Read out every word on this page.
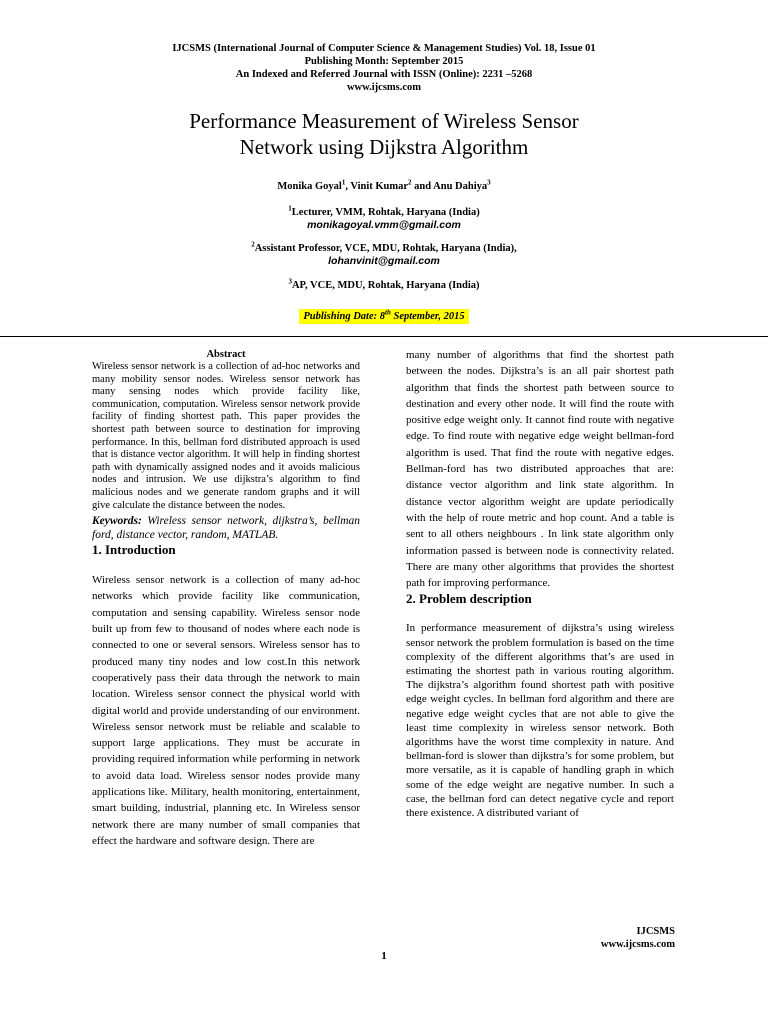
IJCSMS (International Journal of Computer Science & Management Studies) Vol. 18, Issue 01
Publishing Month: September 2015
An Indexed and Referred Journal with ISSN (Online): 2231 –5268
www.ijcsms.com
Performance Measurement of Wireless Sensor
Network using Dijkstra Algorithm
Monika Goyal$^1$, Vinit Kumar$^2$ and Anu Dahiya$^3$
$^1$Lecturer, VMM, Rohtak, Haryana (India)
monikagoyal.vmm@gmail.com
$^2$Assistant Professor, VCE, MDU, Rohtak, Haryana (India),
lohanvinit@gmail.com
$^3$AP, VCE, MDU, Rohtak, Haryana (India)
Publishing Date: 8th September, 2015
Abstract

Wireless sensor network is a collection of ad-hoc networks and many mobility sensor nodes. Wireless sensor network has many sensing nodes which provide facility like, communication, computation. Wireless sensor network provide facility of finding shortest path. This paper provides the shortest path between source to destination for improving performance. In this, bellman ford distributed approach is used that is distance vector algorithm. It will help in finding shortest path with dynamically assigned nodes and it avoids malicious nodes and intrusion. We use dijkstra’s algorithm to find malicious nodes and we generate random graphs and it will give calculate the distance between the nodes.

Keywords: Wireless sensor network, dijkstra’s, bellman ford, distance vector, random, MATLAB.
1. Introduction

Wireless sensor network is a collection of many ad-hoc networks which provide facility like communication, computation and sensing capability. Wireless sensor node built up from few to thousand of nodes where each node is connected to one or several sensors. Wireless sensor has to produced many tiny nodes and low cost.In this network cooperatively pass their data through the network to main location. Wireless sensor connect the physical world with digital world and provide understanding of our environment. Wireless sensor network must be reliable and scalable to support large applications. They must be accurate in providing required information while performing in network to avoid data load. Wireless sensor nodes provide many applications like. Military, health monitoring, entertainment, smart building, industrial, planning etc. In Wireless sensor network there are many number of small companies that effect the hardware and software design. There are

many number of algorithms that find the shortest path between the nodes. Dijkstra’s is an all pair shortest path algorithm that finds the shortest path between source to destination and every other node. It will find the route with positive edge weight only. It cannot find route with negative edge. To find route with negative edge weight bellman-ford algorithm is used. That find the route with negative edges. Bellman-ford has two distributed approaches that are: distance vector algorithm and link state algorithm. In distance vector algorithm weight are update periodically with the help of route metric and hop count. And a table is sent to all others neighbours . In link state algorithm only information passed is between node is connectivity related. There are many other algorithms that provides the shortest path for improving performance.

2. Problem description

In performance measurement of dijkstra’s using wireless sensor network the problem formulation is based on the time complexity of the different algorithms that’s are used in estimating the shortest path in various routing algorithm. The dijkstra’s algorithm found shortest path with positive edge weight cycles. In bellman ford algorithm and there are negative edge weight cycles that are not able to give the least time complexity in wireless sensor network. Both algorithms have the worst time complexity in nature. And bellman-ford is slower than dijkstra’s for some problem, but more versatile, as it is capable of handling graph in which some of the edge weight are negative number. In such a case, the bellman ford can detect negative cycle and report there existence. A distributed variant of

IJCSMS
www.ijcsms.com
1
